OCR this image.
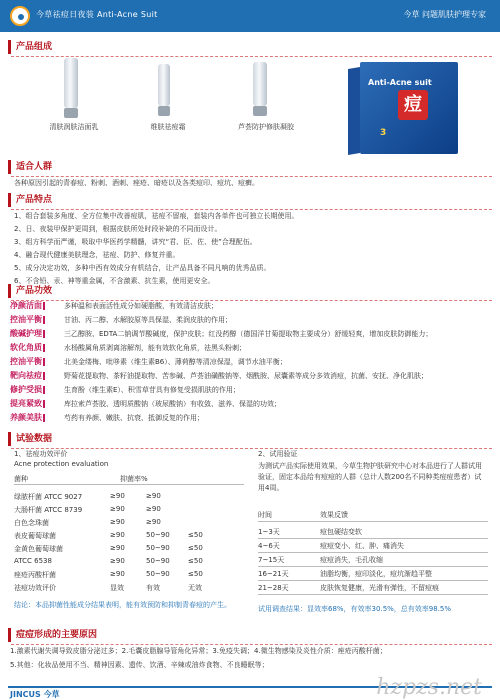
今草祛痘日夜装 Anti-Acne Suit	今草 问题肌肤护理专家
产品组成
清肤润肤洁面乳	维肤祛痘霜	芦荟防护修肤凝胶
Anti-Acne suit
痘
3
适合人群
各种原因引起的青春痘、粉刺、酒刺、痤疮、暗疮以及各类痘印、痘坑、痘癣。
产品特点
1、组合套装多角度、全方位集中改善痘肌，祛痘不留痕，套装内各单件也可独立长期使用。
2、日、夜装甲保护更周到，根据皮肤所处时段补缺的不同而设计。
3、组方科学而严谨，吸取中华医药学精髓，讲究“君、臣、佐、使”合理配伍。
4、融合现代健康美肤理念，祛痘、防护、修复并重。
5、成分决定功效，多种中西有效成分有机结合，让产品具备不同凡响的优秀品质。
6、不含铅、汞、神等重金属，不含激素、抗生素，使用更安全。
产品功效
净颜洁面	多种温和表面活性成分如硬脂酸，有效清洁皮肤；
控油平衡	甘油、丙二醇、水解胶原等具保湿、柔润皮肤的作用；
酸碱护理	三乙醇胺、EDTA二钠调节酸碱度，保护皮肤；红没药醇（德国洋甘菊提取物主要成分）舒缓轻爽，增加皮肤防御能力；
软化角质	水杨酸属角质剥离溶解剂，能有效软化角质，祛黑头粉刺；
控油平衡	北美金缕梅、吡哆素（维生素B6）、薄荷醇等清凉保湿，调节水油平衡；
靶向祛痘	野菊花提取物、茶籽油提取物、苦参碱、芦荟油磺酸钠等、烟酰胺、尿囊素等成分多效消痘，抗菌、安抚、净化肌肤；
修护受损	生育酚（维生素E）、积雪草苷具有修复受损肌肤的作用；
提亮紧致	库拉索芦荟胶、透明质酸钠（玻尿酸钠）有收敛、滋养、保湿的功效；
养颜美肤	芍药有养颜、嫩肤、抗衰、抵御反复的作用；
试验数据
1、祛痘功效评价
Acne protection evaluation
菌种	抑菌率%
绿脓杆菌 ATCC 9027	≥90	≥90
大肠杆菌 ATCC 8739	≥90	≥90
白色念珠菌	≥90	≥90
表皮葡萄球菌	≥90	50~90	≤50
金黄色葡萄球菌	≥90	50~90	≤50
ATCC 6538	≥90	50~90	≤50
痤疮丙酸杆菌	≥90	50~90	≤50
祛痘功效评价	显效	有效	无效
结论：本品抑菌性能成分结果表明，能有效预防和抑制青春痘的产生。
2、试用验证
为测试产品实际使用效果，今草生物护肤研究中心对本品进行了人群试用验证，固定本品给有痘痘的人群（总计人数200名不同种类痘痘患者）试用4周。
时间	效果反馈
1~3天	痘包硬结变软
4~6天	痘痘变小、红、肿、痛消失
7~15天	痘痘消失，毛孔收缩
16~21天	油脂均衡，痘印淡化，痘坑渐趋平整
21~28天	皮肤恢复健康，光滑有弹性，不留痘痕
试用调查结果：显效率68%，有效率30.5%，总有效率98.5%
痘痘形成的主要原因
1.激素代谢失调导致皮脂分泌过多；2.毛囊皮脂腺导管角化异常；3.免疫失调；4.微生物感染及炎性介质：痤疮丙酸杆菌；
5.其他：化妆品使用不当、精神因素、遗传、饮酒、辛辣或油炸食物、不良睡眠等；
JINCUS 今草	hzpzs.net
